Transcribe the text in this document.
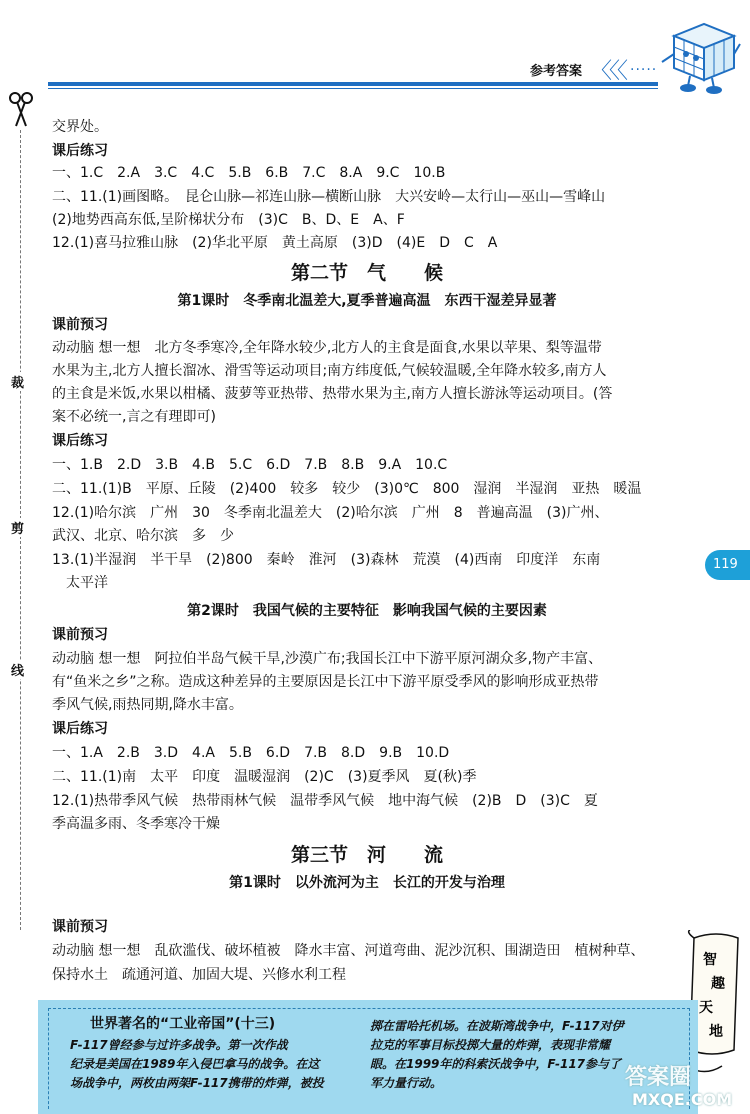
参考答案 〈〈〈 ·····
裁
剪
线
交界处。
课后练习
一、1.C　2.A　3.C　4.C　5.B　6.B　7.C　8.A　9.C　10.B
二、11.(1)画图略。　昆仑山脉—祁连山脉—横断山脉　大兴安岭—太行山—巫山—雪峰山
(2)地势西高东低,呈阶梯状分布　(3)C　B、D、E　A、F
12.(1)喜马拉雅山脉　(2)华北平原　黄土高原　(3)D　(4)E　D　C　A
第二节　气　　候
第1课时　冬季南北温差大,夏季普遍高温　东西干湿差异显著
课前预习
动动脑 想一想　北方冬季寒冷,全年降水较少,北方人的主食是面食,水果以苹果、梨等温带
水果为主,北方人擅长溜冰、滑雪等运动项目;南方纬度低,气候较温暖,全年降水较多,南方人
的主食是米饭,水果以柑橘、菠萝等亚热带、热带水果为主,南方人擅长游泳等运动项目。(答
案不必统一,言之有理即可)
课后练习
一、1.B　2.D　3.B　4.B　5.C　6.D　7.B　8.B　9.A　10.C
二、11.(1)B　平原、丘陵　(2)400　较多　较少　(3)0℃　800　湿润　半湿润　亚热　暖温
12.(1)哈尔滨　广州　30　冬季南北温差大　(2)哈尔滨　广州　8　普遍高温　(3)广州、
武汉、北京、哈尔滨　多　少
13.(1)半湿润　半干旱　(2)800　秦岭　淮河　(3)森林　荒漠　(4)西南　印度洋　东南
太平洋
第2课时　我国气候的主要特征　影响我国气候的主要因素
课前预习
动动脑 想一想　阿拉伯半岛气候干旱,沙漠广布;我国长江中下游平原河湖众多,物产丰富、
有“鱼米之乡”之称。造成这种差异的主要原因是长江中下游平原受季风的影响形成亚热带
季风气候,雨热同期,降水丰富。
课后练习
一、1.A　2.B　3.D　4.A　5.B　6.D　7.B　8.D　9.B　10.D
二、11.(1)南　太平　印度　温暖湿润　(2)C　(3)夏季风　夏(秋)季
12.(1)热带季风气候　热带雨林气候　温带季风气候　地中海气候　(2)B　D　(3)C　夏
季高温多雨、冬季寒冷干燥
第三节　河　　流
第1课时　以外流河为主　长江的开发与治理
课前预习
动动脑 想一想　乱砍滥伐、破坏植被　降水丰富、河道弯曲、泥沙沉积、围湖造田　植树种草、
保持水土　疏通河道、加固大堤、兴修水利工程
119
智
趣
天
地
世界著名的“工业帝国”(十三)
F-117曾经参与过许多战争。第一次作战
纪录是美国在1989年入侵巴拿马的战争。在这
场战争中，两枚由两架F-117携带的炸弹，被投
掷在雷哈托机场。在波斯湾战争中，F-117对伊
拉克的军事目标投掷大量的炸弹，表现非常耀
眼。在1999年的科索沃战争中，F-117参与了
军力量行动。	答案圈
MXQE.COM
